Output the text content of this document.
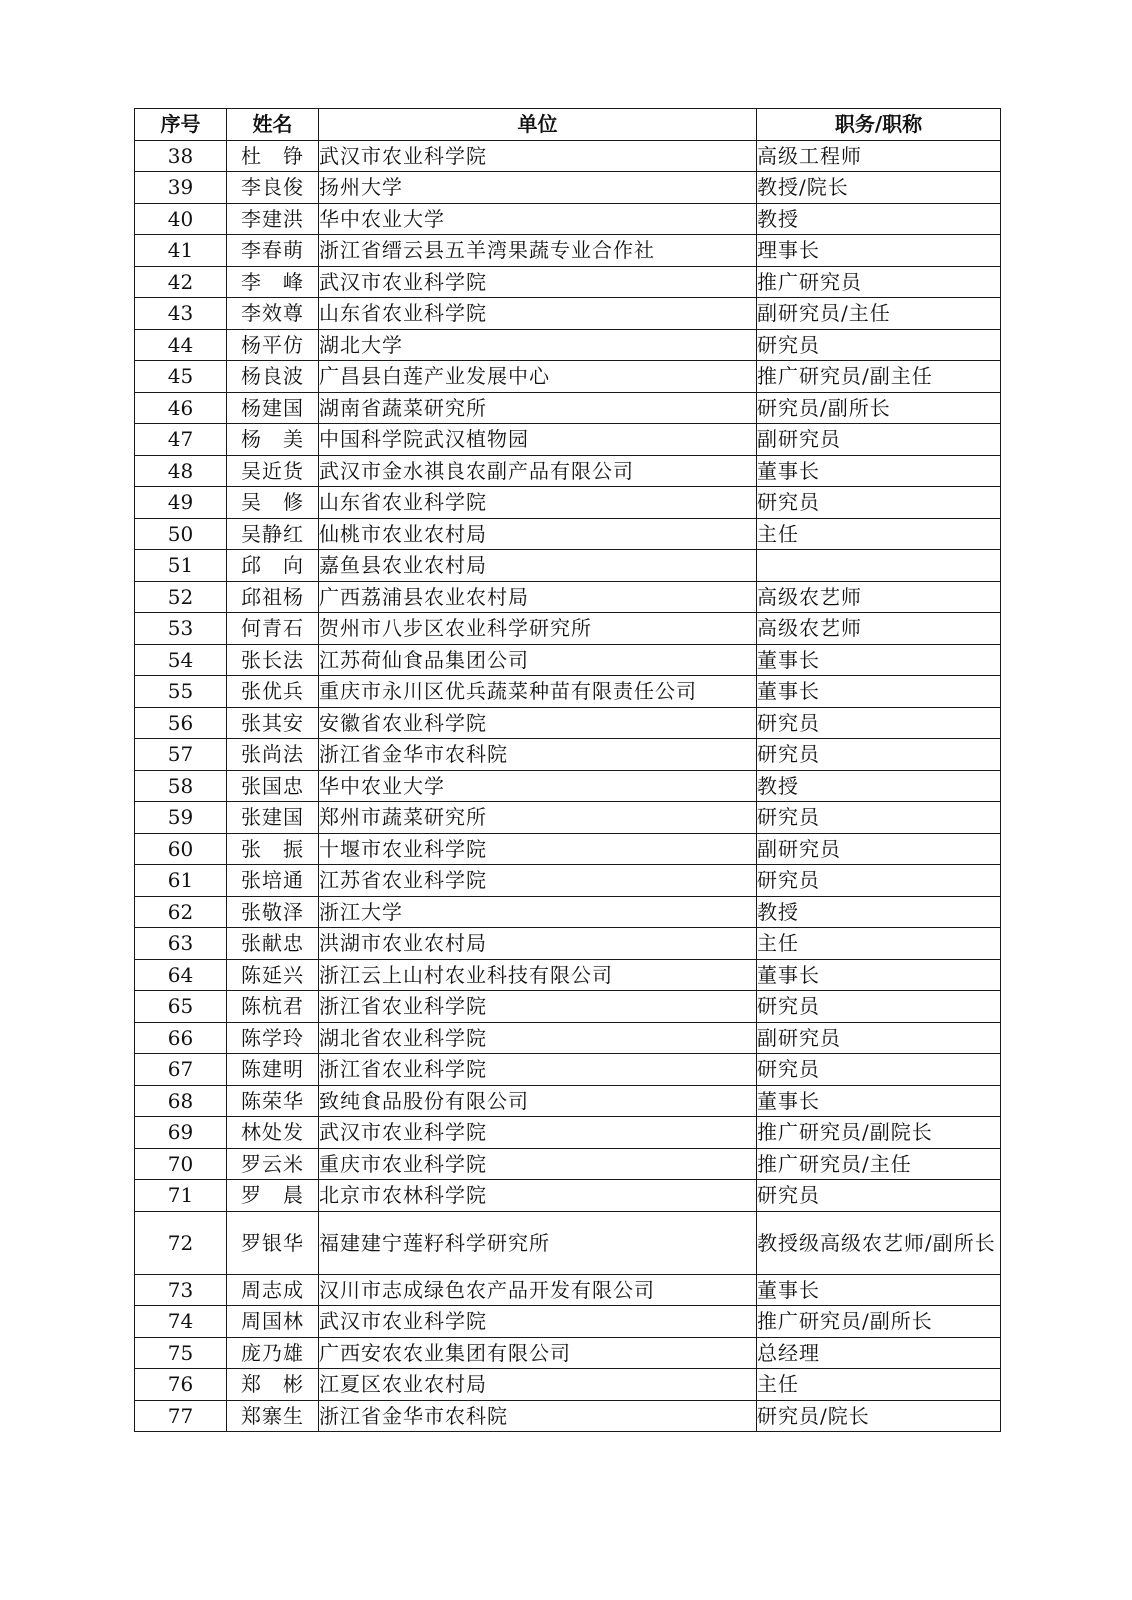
序号	姓名	单位	职务/职称
38	杜　铮	武汉市农业科学院	高级工程师
39	李良俊	扬州大学	教授/院长
40	李建洪	华中农业大学	教授
41	李春萌	浙江省缙云县五羊湾果蔬专业合作社	理事长
42	李　峰	武汉市农业科学院	推广研究员
43	李效尊	山东省农业科学院	副研究员/主任
44	杨平仿	湖北大学	研究员
45	杨良波	广昌县白莲产业发展中心	推广研究员/副主任
46	杨建国	湖南省蔬菜研究所	研究员/副所长
47	杨　美	中国科学院武汉植物园	副研究员
48	吴近货	武汉市金水祺良农副产品有限公司	董事长
49	吴　修	山东省农业科学院	研究员
50	吴静红	仙桃市农业农村局	主任
51	邱　向	嘉鱼县农业农村局	
52	邱祖杨	广西荔浦县农业农村局	高级农艺师
53	何青石	贺州市八步区农业科学研究所	高级农艺师
54	张长法	江苏荷仙食品集团公司	董事长
55	张优兵	重庆市永川区优兵蔬菜种苗有限责任公司	董事长
56	张其安	安徽省农业科学院	研究员
57	张尚法	浙江省金华市农科院	研究员
58	张国忠	华中农业大学	教授
59	张建国	郑州市蔬菜研究所	研究员
60	张　振	十堰市农业科学院	副研究员
61	张培通	江苏省农业科学院	研究员
62	张敬泽	浙江大学	教授
63	张献忠	洪湖市农业农村局	主任
64	陈延兴	浙江云上山村农业科技有限公司	董事长
65	陈杭君	浙江省农业科学院	研究员
66	陈学玲	湖北省农业科学院	副研究员
67	陈建明	浙江省农业科学院	研究员
68	陈荣华	致纯食品股份有限公司	董事长
69	林处发	武汉市农业科学院	推广研究员/副院长
70	罗云米	重庆市农业科学院	推广研究员/主任
71	罗　晨	北京市农林科学院	研究员
72	罗银华	福建建宁莲籽科学研究所	教授级高级农艺师/副所长
73	周志成	汉川市志成绿色农产品开发有限公司	董事长
74	周国林	武汉市农业科学院	推广研究员/副所长
75	庞乃雄	广西安农农业集团有限公司	总经理
76	郑　彬	江夏区农业农村局	主任
77	郑寨生	浙江省金华市农科院	研究员/院长
